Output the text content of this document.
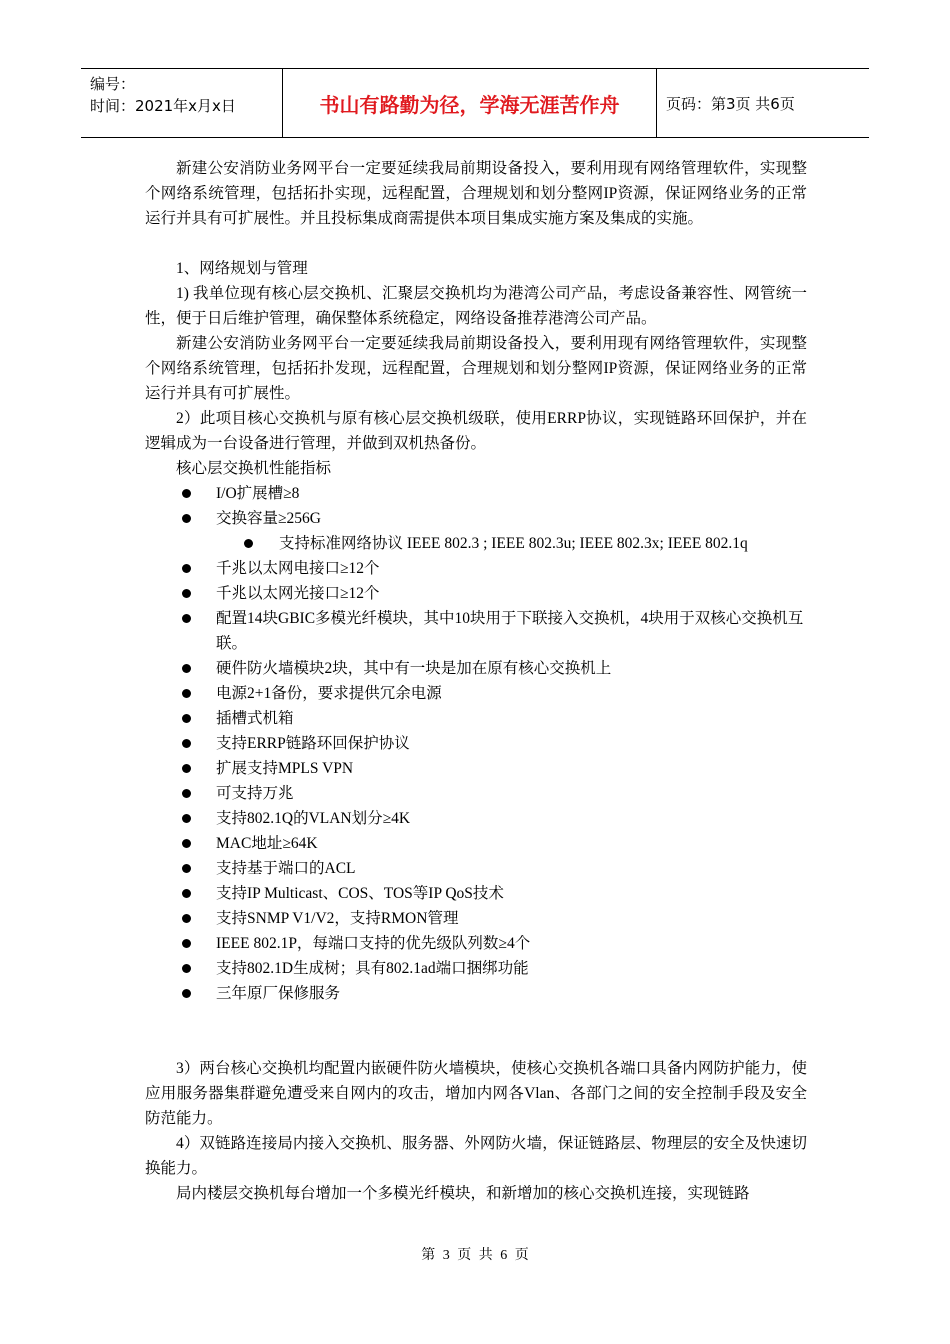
编号：
时间：2021年x月x日	书山有路勤为径，学海无涯苦作舟	页码：第3页 共6页

新建公安消防业务网平台一定要延续我局前期设备投入，要利用现有网络管理软件，实现整个网络系统管理，包括拓扑实现，远程配置，合理规划和划分整网IP资源，保证网络业务的正常运行并具有可扩展性。并且投标集成商需提供本项目集成实施方案及集成的实施。

1、网络规划与管理

1) 我单位现有核心层交换机、汇聚层交换机均为港湾公司产品，考虑设备兼容性、网管统一性，便于日后维护管理，确保整体系统稳定，网络设备推荐港湾公司产品。

新建公安消防业务网平台一定要延续我局前期设备投入，要利用现有网络管理软件，实现整个网络系统管理，包括拓扑发现，远程配置，合理规划和划分整网IP资源，保证网络业务的正常运行并具有可扩展性。

2）此项目核心交换机与原有核心层交换机级联，使用ERRP协议，实现链路环回保护，并在逻辑成为一台设备进行管理，并做到双机热备份。

核心层交换机性能指标

I/O扩展槽≥8
交换容量≥256G
支持标准网络协议 IEEE 802.3 ; IEEE 802.3u; IEEE 802.3x; IEEE 802.1q
千兆以太网电接口≥12个
千兆以太网光接口≥12个
配置14块GBIC多模光纤模块，其中10块用于下联接入交换机，4块用于双核心交换机互联。
硬件防火墙模块2块，其中有一块是加在原有核心交换机上
电源2+1备份，要求提供冗余电源
插槽式机箱
支持ERRP链路环回保护协议
扩展支持MPLS VPN
可支持万兆
支持802.1Q的VLAN划分≥4K
MAC地址≥64K
支持基于端口的ACL
支持IP Multicast、COS、TOS等IP QoS技术
支持SNMP V1/V2，支持RMON管理
IEEE 802.1P，每端口支持的优先级队列数≥4个
支持802.1D生成树；具有802.1ad端口捆绑功能
三年原厂保修服务

3）两台核心交换机均配置内嵌硬件防火墙模块，使核心交换机各端口具备内网防护能力，使应用服务器集群避免遭受来自网内的攻击，增加内网各Vlan、各部门之间的安全控制手段及安全防范能力。

4）双链路连接局内接入交换机、服务器、外网防火墙，保证链路层、物理层的安全及快速切换能力。

局内楼层交换机每台增加一个多模光纤模块，和新增加的核心交换机连接，实现链路

第 3 页 共 6 页
